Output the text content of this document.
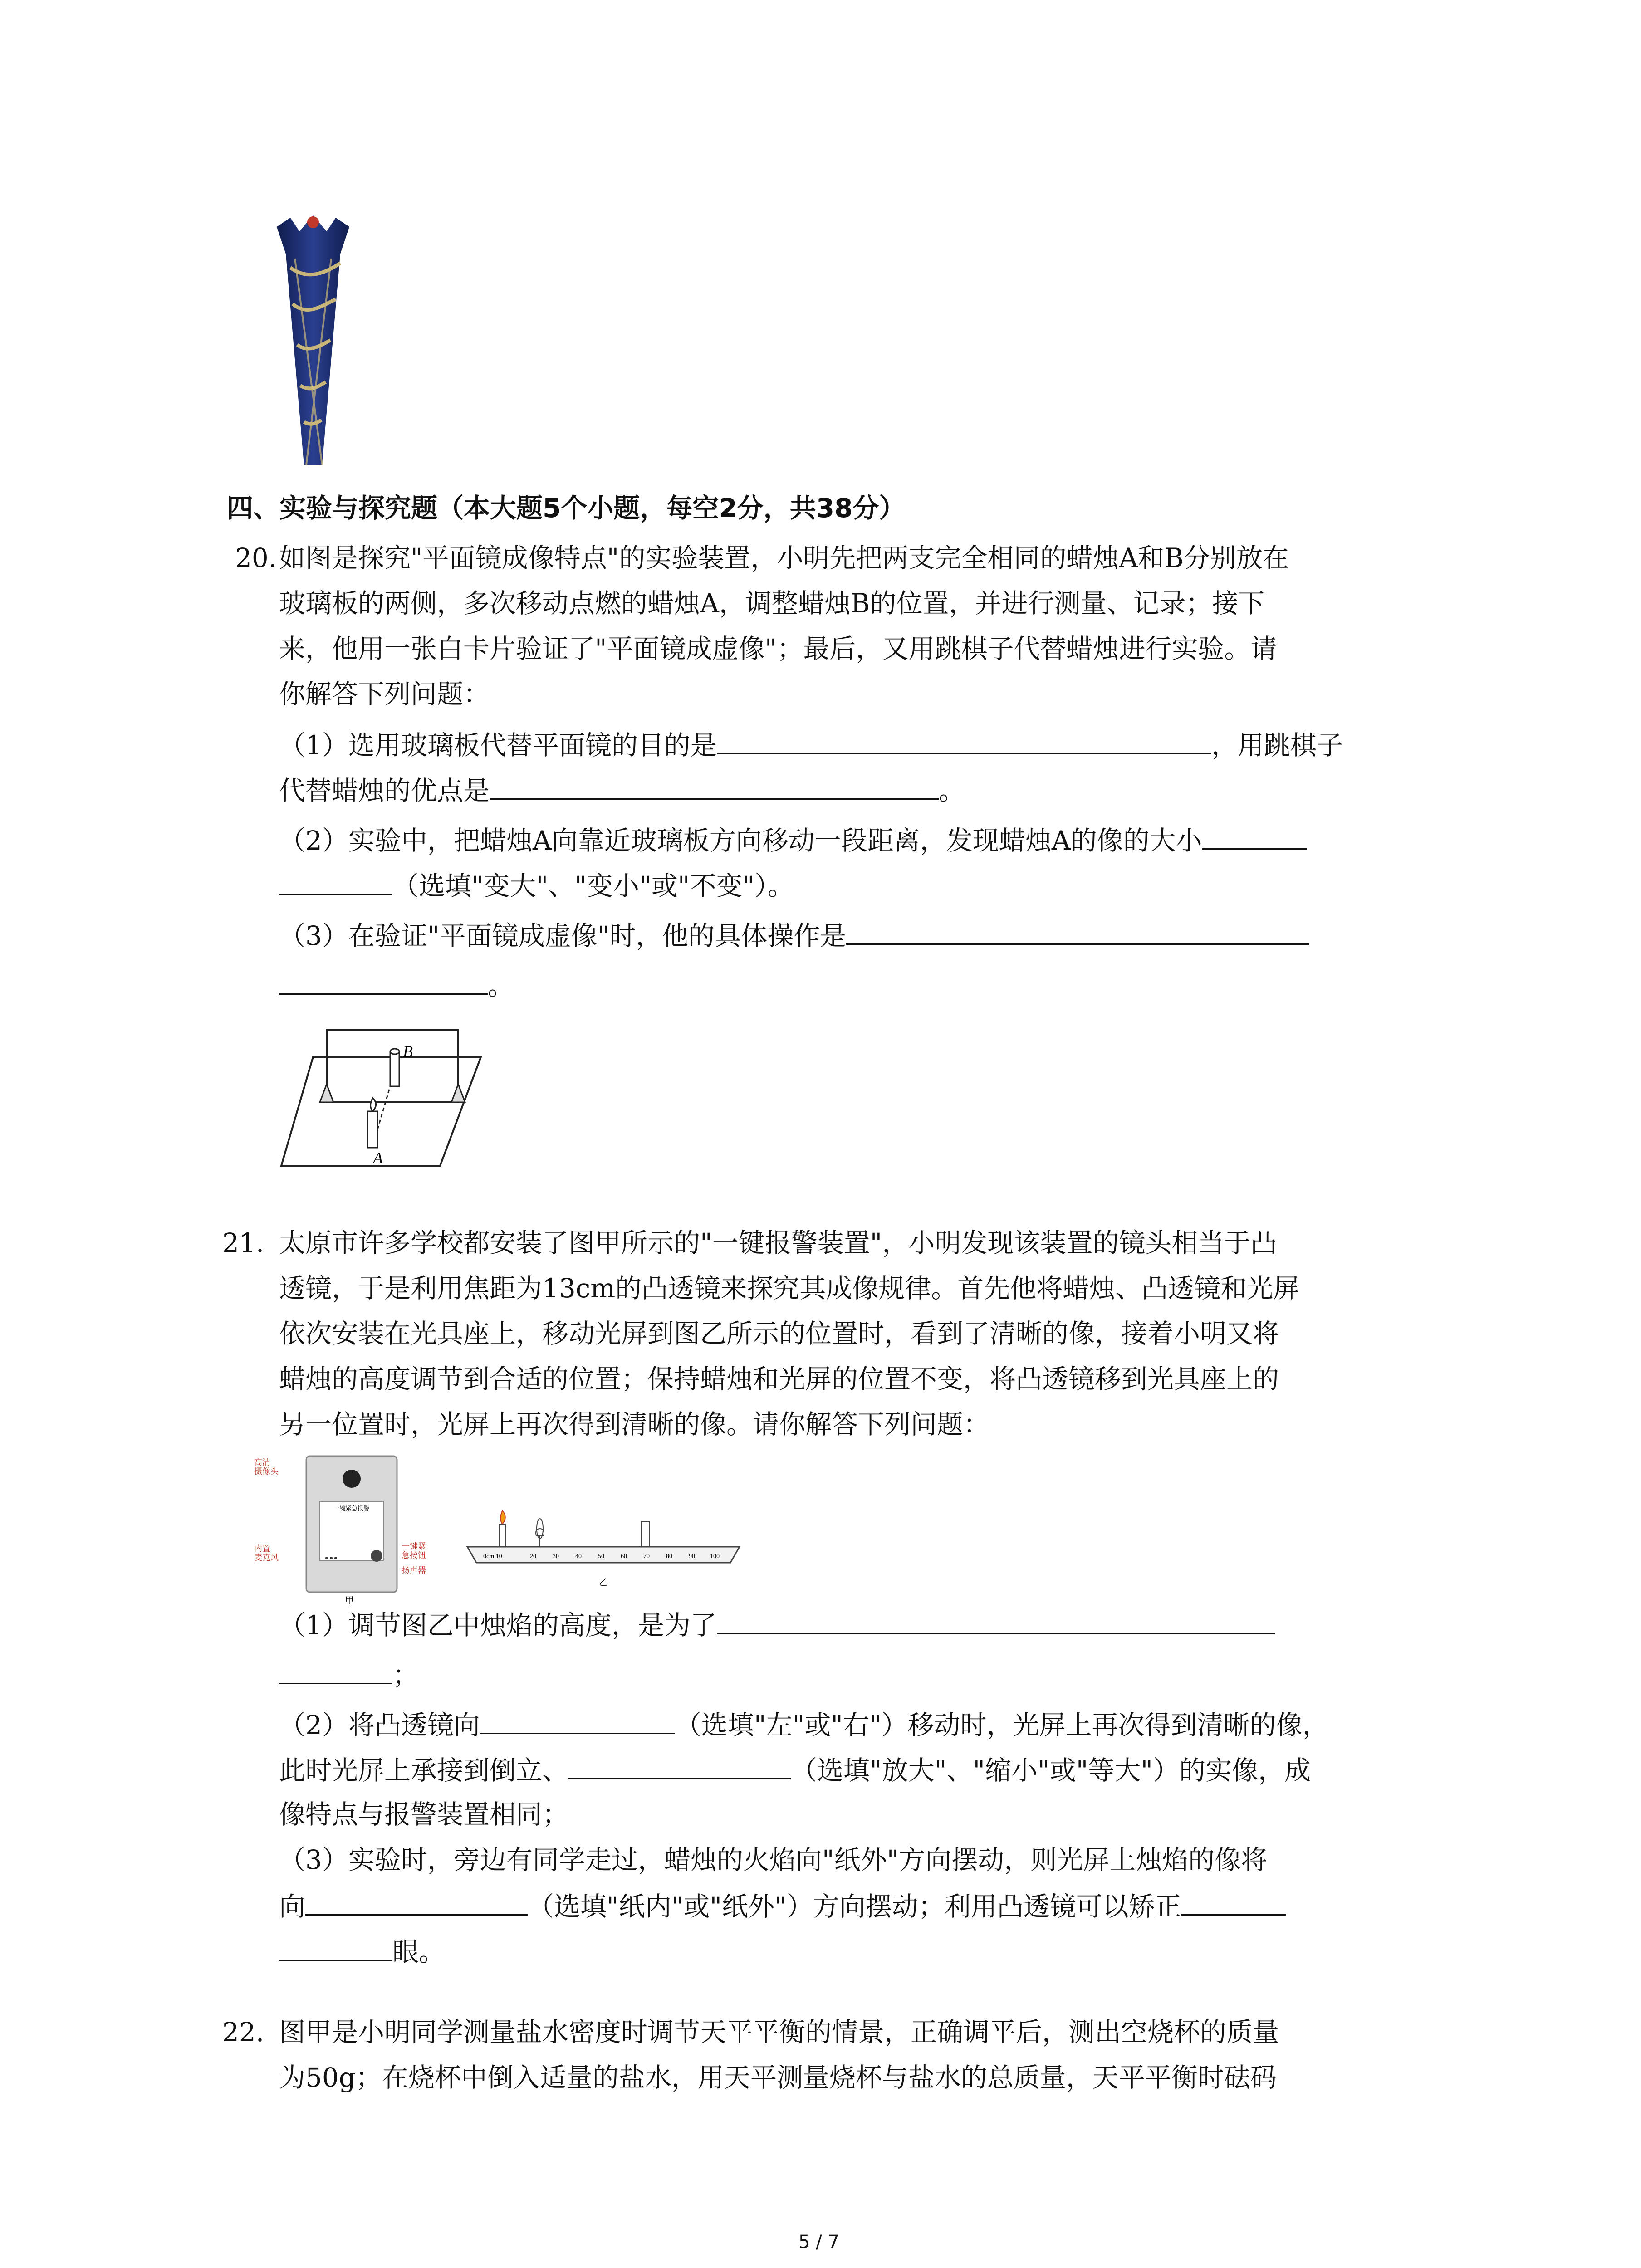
四、实验与探究题（本大题5个小题，每空2分，共38分）
20. 如图是探究"平面镜成像特点"的实验装置，小明先把两支完全相同的蜡烛A和B分别放在
玻璃板的两侧，多次移动点燃的蜡烛A，调整蜡烛B的位置，并进行测量、记录；接下
来，他用一张白卡片验证了"平面镜成虚像"；最后，又用跳棋子代替蜡烛进行实验。请
你解答下列问题：
（1）选用玻璃板代替平面镜的目的是	，用跳棋子
代替蜡烛的优点是	。
（2）实验中，把蜡烛A向靠近玻璃板方向移动一段距离，发现蜡烛A的像的大小
（选填"变大"、"变小"或"不变"）。
（3）在验证"平面镜成虚像"时，他的具体操作是
。
B
A
21. 太原市许多学校都安装了图甲所示的"一键报警装置"，小明发现该装置的镜头相当于凸
透镜，于是利用焦距为13cm的凸透镜来探究其成像规律。首先他将蜡烛、凸透镜和光屏
依次安装在光具座上，移动光屏到图乙所示的位置时，看到了清晰的像，接着小明又将
蜡烛的高度调节到合适的位置；保持蜡烛和光屏的位置不变，将凸透镜移到光具座上的
另一位置时，光屏上再次得到清晰的像。请你解答下列问题：
一键紧急报警
高清摄像头
内置麦克风
一键紧急按钮
扬声器
甲
0cm 10	20	30	40	50	60	70	80	90 100
乙
（1）调节图乙中烛焰的高度，是为了
；
（2）将凸透镜向	（选填"左"或"右"）移动时，光屏上再次得到清晰的像，
此时光屏上承接到倒立、	（选填"放大"、"缩小"或"等大"）的实像，成
像特点与报警装置相同；
（3）实验时，旁边有同学走过，蜡烛的火焰向"纸外"方向摆动，则光屏上烛焰的像将
向	（选填"纸内"或"纸外"）方向摆动；利用凸透镜可以矫正
眼。
22. 图甲是小明同学测量盐水密度时调节天平平衡的情景，正确调平后，测出空烧杯的质量
为50g；在烧杯中倒入适量的盐水，用天平测量烧杯与盐水的总质量，天平平衡时砝码
5 / 7
